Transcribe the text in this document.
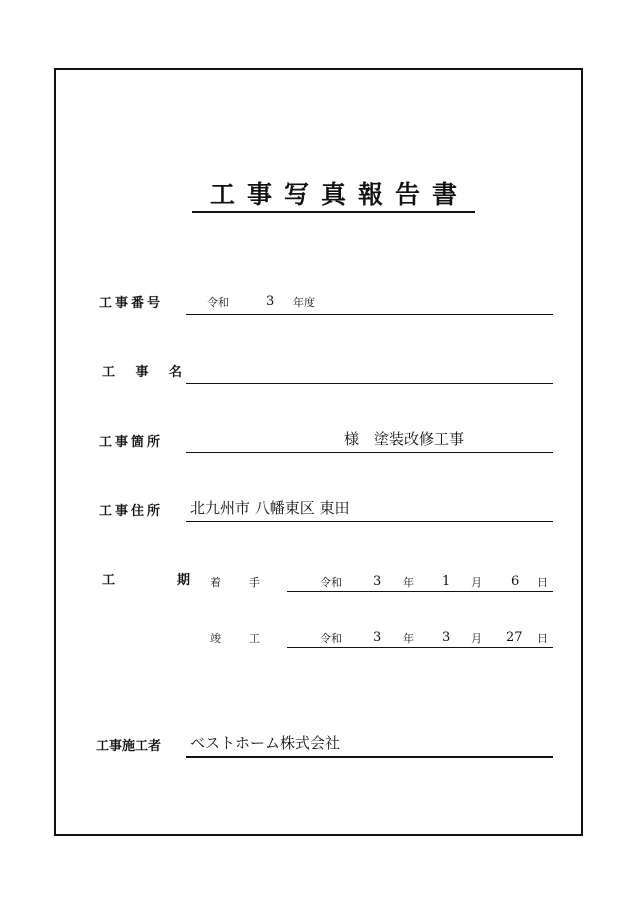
工事写真報告書
工事番号	令和	3 年度
工 事 名
工事箇所	様　塗装改修工事
工事住所 北九州市 八幡東区 東田
工　　期 着　　手	令和 3 年 1 月 6 日
竣　　工	令和 3 年 3 月 27 日
工事施工者 ベストホーム株式会社
